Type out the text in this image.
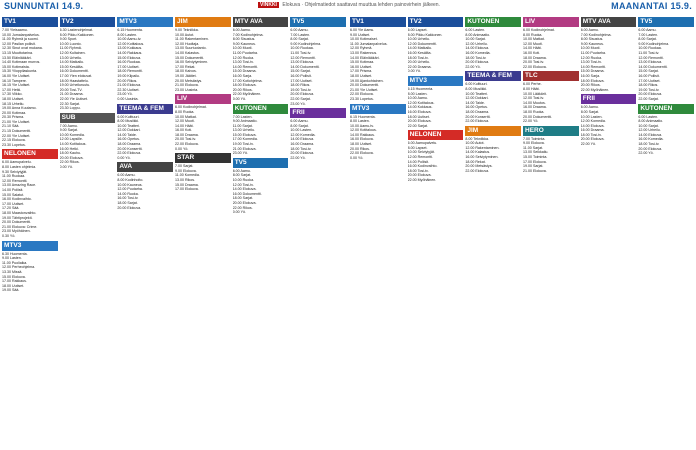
SUNNUNTAI 14.9.	VINKKI Elokuva · Ohjelmatiedot saattavat muuttua lehden painovirhein jälkeen.	MAANANTAI 15.9.
TV1
7.00 Yleisaamu.
10.00 Jumalanpalvelus.
11.00 Ryhmä ja suomi.
12.00 Pasilan poliisit.
12.30 Sinut ovat mukana.
13.15 Muuttotarina.
13.50 Eläinlääkäri.
14.40 Kotimaan murros.
15.00 Kotimaista.
15.30 Ylioppilaskunta.
16.00 Yle Uutiset.
16.10 Tampere.
16.15 Yle Uutiset.
17.00 Hetki.
17.30 Viikko.
18.00 Uutiset.
18.15 Urheilu.
19.00 Anna Kuutamo.
20.00 Kotimaa.
20.30 Prisma.
21.00 Yle Uutiset.
21.10 Sää.
21.15 Dokumentti.
22.00 Yle Uutiset.
22.15 Elokuva.
23.30 Lopetus.
NELONEN
6.00 Aamupalvelu.
8.00 Lasten ohjelmia.
9.30 Selviytyjät.
11.00 Ruokaa.
12.00 Remontti.
13.00 Amazing Race.
14.00 Poliisit.
15.00 Salatut.
16.00 Kodinvaihto.
17.00 Uutiset.
17.20 Sää.
18.00 Maastonvaihto.
19.00 Tähtiprojekti.
20.00 Dokumentti.
21.00 Elokuva: Crime.
23.00 Myöhäinen.
0.30 Yö.
MTV3
6.30 Huomenta.
9.00 Lasten.
11.00 Puoliaika.
12.00 Perheohjelma.
13.30 Missä.
15.00 Elokuva.
17.00 Rakkaus.
18.00 Uutiset.
19.00 Sää.
TV2
6.30 Lastenohjelmat.
8.00 Pikku Kakkonen.
9.00 Sport.
10.00 Luonto.
11.00 Ryhmä.
12.00 Kultainen.
13.00 Urheilu.
14.00 Matkailu.
15.00 Kesäilta.
16.00 Dokumentti.
17.00 Ylen elokuvat.
18.00 Haastattelu.
19.00 Urheiluruutu.
20.00 Tosi-TV.
21.00 Draama.
22.00 Yle Uutiset.
22.30 Sarjat.
23.30 Loppu.
SUB
7.00 Aamu.
9.00 Sarjat.
10.00 Komedia.
12.00 Lapsille.
14.00 Kotitalous.
16.00 Hetki.
18.00 Kauhu.
20.00 Elokuva.
22.00 Rikos.
0.00 Yö.
MTV3
6.15 Huomenta.
8.00 Lasten.
10.00 Aamu-tv.
12.00 Kotitalous.
13.00 Kokkaus.
14.00 Rakkaus.
15.00 Elokuva.
16.00 Ruokaa.
17.00 Uutiset.
18.00 Remontti.
19.00 Kilpailu.
20.00 Rikos.
21.00 Elokuva.
22.30 Uutiset.
23.00 Yö.
0.00 Uusinta.
TEEMA & FEM
6.00 Kulttuuri.
8.00 Musiikki.
10.00 Teatteri.
12.00 Dokkari.
14.00 Taide.
16.00 Opetus.
18.00 Draama.
20.00 Konsertti.
22.00 Elokuva.
0.00 Yö.
AVA
6.00 Aamu.
8.00 Kodinhoito.
10.00 Kauneus.
12.00 Puutarha.
14.00 Ruoka.
16.00 Tosi-tv.
18.00 Sarjat.
20.00 Elokuva.
JIM
9.00 Tekniikka.
10.00 Autot.
11.00 Rakentaminen.
12.00 Huoltaja.
13.00 Suurtuotanto.
14.00 Kalastus.
15.00 Dokumentti.
16.00 Selviytyminen.
17.00 Rekat.
18.00 Kaivos.
19.00 Jäätiet.
20.00 Metsästys.
21.00 Elokuva.
23.00 Uusinta.
LIV
6.00 Kodinohjelmat.
8.00 Ruoka.
10.00 Matkat.
12.00 Muoti.
14.00 Häät.
16.00 Koti.
18.00 Draama.
20.00 Tosi-tv.
22.00 Elokuva.
0.00 Yö.
STAR
7.00 Sarjat.
9.00 Elokuva.
11.00 Komedia.
13.00 Rikos.
15.00 Draama.
17.00 Elokuva.
MTV AVA
6.00 Aamu.
7.00 Kodinohjelma.
8.00 Sisustus.
9.00 Kauneus.
10.00 Muoti.
11.00 Puutarha.
12.00 Ruoka.
13.00 Tosi-tv.
14.00 Remontti.
15.00 Draama.
16.00 Sarja.
17.00 Kotiohjelma.
18.00 Elokuva.
20.00 Rikos.
22.00 Myöhäinen.
0.00 Yö.
KUTONEN
7.00 Lasten.
9.00 Animaatio.
11.00 Sarjat.
13.00 Urheilu.
15.00 Elokuva.
17.00 Komedia.
19.00 Tosi-tv.
21.00 Elokuva.
23.00 Yö.
TV5
6.00 Aamu.
8.00 Sarjat.
10.00 Ruoka.
12.00 Tosi-tv.
14.00 Elokuva.
16.00 Dokumentti.
18.00 Sarjat.
20.00 Elokuva.
22.00 Rikos.
0.00 Yö.
TV5
6.00 Aamu.
7.00 Lasten.
8.00 Sarjat.
9.00 Kodinohjelma.
10.00 Ruokaa.
11.00 Tosi-tv.
12.00 Remontti.
13.00 Elokuva.
14.00 Dokumentti.
15.00 Sarjat.
16.00 Poliisit.
17.00 Uutiset.
18.00 Rikos.
19.00 Tosi-tv.
20.00 Elokuva.
22.00 Sarjat.
23.00 Yö.
FRII
6.00 Aamu.
8.00 Sarjat.
10.00 Lasten.
12.00 Komedia.
14.00 Elokuva.
16.00 Draama.
18.00 Tosi-tv.
20.00 Elokuva.
22.00 Yö.
TV1
6.00 Yle Aamu.
9.00 Uutiset.
10.00 Kotimaiset.
11.00 Jumalanpalvelus.
12.00 Ryhmä.
13.00 Rakennus.
14.00 Eläinlääkäri.
15.00 Kotimaa.
16.00 Uutiset.
17.00 Prisma.
18.00 Uutiset.
19.00 Ajankohtainen.
20.00 Dokumentti.
21.00 Yle Uutiset.
22.00 Elokuva.
23.30 Lopetus.
MTV3
6.15 Huomenta.
8.00 Lasten.
10.00 Aamu-tv.
12.00 Kotitalous.
14.00 Rakkaus.
16.00 Elokuva.
18.00 Uutiset.
20.00 Rikos.
22.00 Elokuva.
0.00 Yö.
TV2
6.00 Lapset.
8.00 Pikku Kakkonen.
10.00 Urheilu.
12.00 Dokumentti.
14.00 Matkailu.
16.00 Kesäilta.
18.00 Tosi-tv.
20.00 Urheilu.
22.00 Draama.
0.00 Yö.
MTV3
6.15 Huomenta.
8.00 Lasten.
10.00 Aamu.
12.00 Kotitalous.
14.00 Kokkaus.
16.00 Elokuva.
18.00 Uutiset.
20.00 Elokuva.
22.00 Sarjat.
NELONEN
6.00 Aamupalvelu.
8.00 Lapset.
10.00 Selviytyjät.
12.00 Remontti.
14.00 Poliisit.
16.00 Kodinvaihto.
18.00 Tosi-tv.
20.00 Elokuva.
22.00 Myöhäinen.
KUTONEN
6.00 Lasten.
8.00 Animaatio.
10.00 Sarjat.
12.00 Urheilu.
14.00 Elokuva.
16.00 Komedia.
18.00 Tosi-tv.
20.00 Elokuva.
22.00 Yö.
TEEMA & FEM
6.00 Kulttuuri.
8.00 Musiikki.
10.00 Teatteri.
12.00 Dokkari.
14.00 Taide.
16.00 Opetus.
18.00 Draama.
20.00 Konsertti.
22.00 Elokuva.
JIM
8.00 Tekniikka.
10.00 Autot.
12.00 Rakentaminen.
14.00 Kalastus.
16.00 Selviytyminen.
18.00 Rekat.
20.00 Metsästys.
22.00 Elokuva.
LIV
6.00 Kodinohjelmat.
8.00 Ruoka.
10.00 Matkat.
12.00 Muoti.
14.00 Häät.
16.00 Koti.
18.00 Draama.
20.00 Tosi-tv.
22.00 Elokuva.
TLC
6.00 Perhe.
8.00 Häät.
10.00 Lääkärit.
12.00 Tosi-tv.
14.00 Muutos.
16.00 Draama.
18.00 Ruoka.
20.00 Dokumentti.
22.00 Yö.
HERO
7.00 Toiminta.
9.00 Elokuva.
11.00 Sarjat.
13.00 Seikkailu.
15.00 Toiminta.
17.00 Elokuva.
19.00 Sarjat.
21.00 Elokuva.
MTV AVA
6.00 Aamu.
7.00 Kodinohjelma.
8.00 Sisustus.
9.00 Kauneus.
10.00 Muoti.
11.00 Puutarha.
12.00 Ruoka.
13.00 Tosi-tv.
14.00 Remontti.
15.00 Draama.
16.00 Sarja.
18.00 Elokuva.
20.00 Rikos.
22.00 Myöhäinen.
FRII
6.00 Aamu.
8.00 Sarjat.
10.00 Lasten.
12.00 Komedia.
14.00 Elokuva.
16.00 Draama.
18.00 Tosi-tv.
20.00 Elokuva.
22.00 Yö.
TV5
6.00 Aamu.
7.00 Lasten.
8.00 Sarjat.
9.00 Kodinohjelma.
10.00 Ruokaa.
11.00 Tosi-tv.
12.00 Remontti.
13.00 Elokuva.
14.00 Dokumentti.
15.00 Sarjat.
16.00 Poliisit.
17.00 Uutiset.
18.00 Rikos.
19.00 Tosi-tv.
20.00 Elokuva.
22.00 Sarjat.
KUTONEN
6.00 Lasten.
8.00 Animaatio.
10.00 Sarjat.
12.00 Urheilu.
14.00 Elokuva.
16.00 Komedia.
18.00 Tosi-tv.
20.00 Elokuva.
22.00 Yö.
